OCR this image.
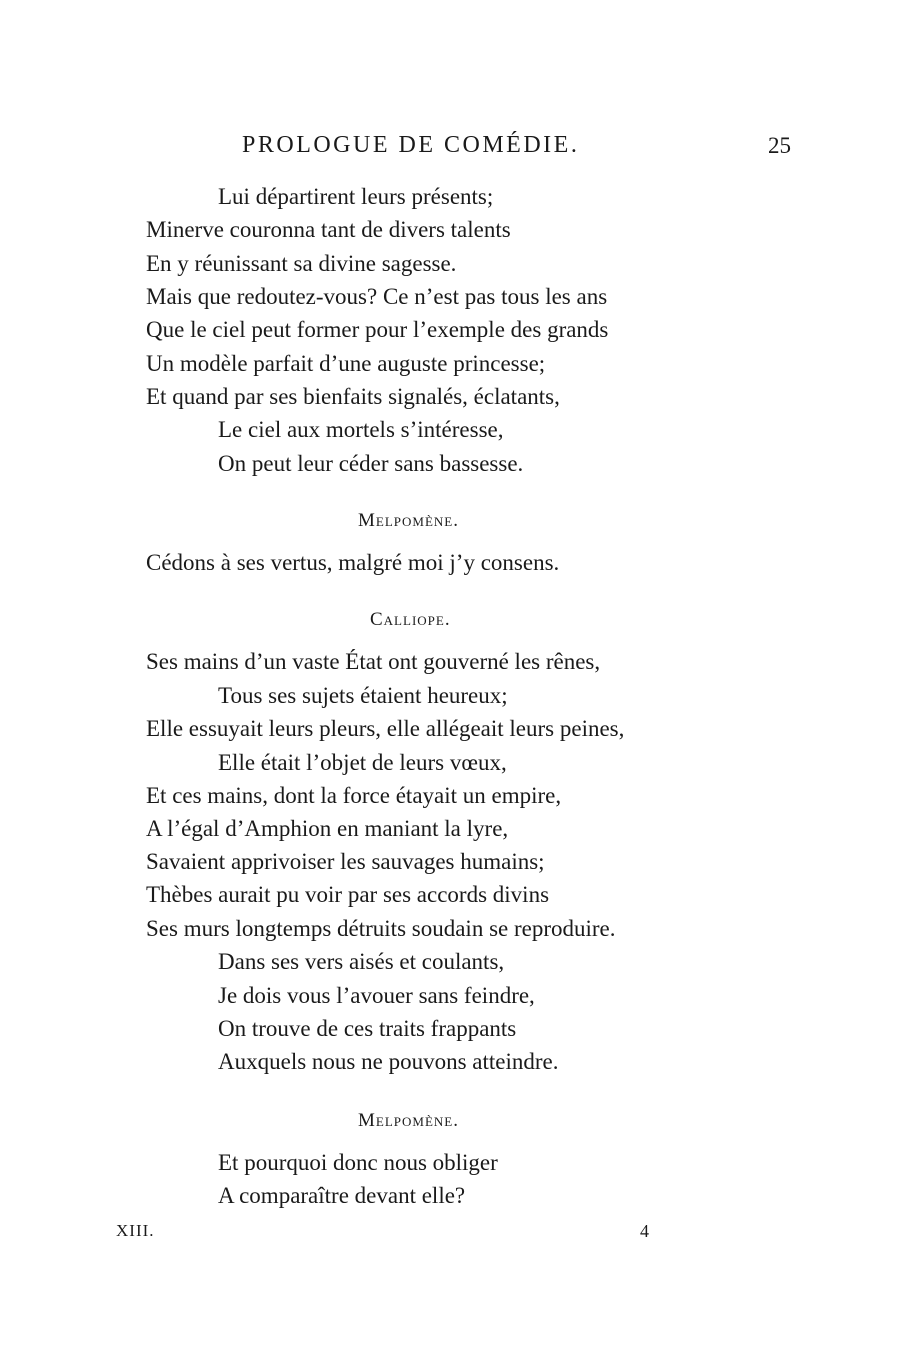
PROLOGUE DE COMÉDIE.	25
Lui départirent leurs présents;
Minerve couronna tant de divers talents
En y réunissant sa divine sagesse.
Mais que redoutez-vous? Ce n’est pas tous les ans
Que le ciel peut former pour l’exemple des grands
Un modèle parfait d’une auguste princesse;
Et quand par ses bienfaits signalés, éclatants,
Le ciel aux mortels s’intéresse,
On peut leur céder sans bassesse.
Melpomène.
Cédons à ses vertus, malgré moi j’y consens.
Calliope.
Ses mains d’un vaste État ont gouverné les rênes,
Tous ses sujets étaient heureux;
Elle essuyait leurs pleurs, elle allégeait leurs peines,
Elle était l’objet de leurs vœux,
Et ces mains, dont la force étayait un empire,
A l’égal d’Amphion en maniant la lyre,
Savaient apprivoiser les sauvages humains;
Thèbes aurait pu voir par ses accords divins
Ses murs longtemps détruits soudain se reproduire.
Dans ses vers aisés et coulants,
Je dois vous l’avouer sans feindre,
On trouve de ces traits frappants
Auxquels nous ne pouvons atteindre.
Melpomène.
Et pourquoi donc nous obliger
A comparaître devant elle?
XIII.	4
